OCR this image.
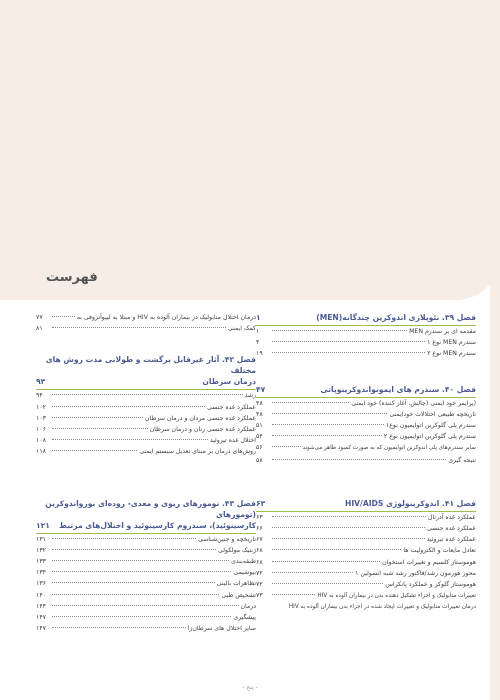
فهرست
فصل ۳۹. نئوپلازی اندوکرین چندگانه(MEN)
۱
مقدمه ای بر سندرم MEN
۱
سندرم MEN نوع ۱
۴
سندرم MEN نوع ۲
۱۹
فصل ۴۰. سندرم های ایمونواندوکرینوپاتی
۴۷
(پرایمر خود ایمنی (چالش، آغاز کننده) خود ایمنی
۴۸
تاریخچه طبیعی اختلالات خودایمنی
۴۸
سندرم پلی گلوکرین اتوایمیون نوع۱
۵۱
سندرم پلی گلوکرین اتوایمیون نوع ۲
۵۴
سایر سندرم‌های پلی اندوکرین اتوایمیون که به صورت کمبود ظاهر می‌شوند
۵۶
نتیجه گیری
۵۸
فصل ۴۱. اندوکرینولوژی HIV/AIDS
۶۳
عملکرد غده آدرنال
۶۳
عملکرد غده جنسی
۶۶
عملکرد غده تیروئید
۶۷
تعادل مایعات و الکترولیت ها
۶۸
هوموستاز کلسیم و تغییرات استخوان
۶۸
محور هورمون رشد/فاکتور رشد شبه انسولین ۱
۷۲
هوموستاز گلوکز و عملکرد پانکراس
۷۲
تغییرات متابولیک و اجزاء تشکیل دهنده بدن در بیماران آلوده به HIV
۷۳
درمان تغییرات متابولیک و تغییرات ایجاد شده در اجزاء بدن بیماران آلوده به HIV
درمان اختلال متابولیک در بیماران آلوده به HIV و مبتلا به لیپوآتروفی به
۷۷
کمک ایمنی
۸۱
فصل ۴۲. آثار غیرقابل برگشت و طولانی مدت روش های مختلف
درمان سرطان
۹۳
رشد
۹۴
عملکرد غده جنسی
۱۰۲
عملکرد غده جنسی مردان و درمان سرطان
۱۰۳
عملکرد غده جنسی زنان و درمان سرطان
۱۰۶
اختلال غده تیروئید
۱۰۸
روش‌های درمان بر مبنای تعدیل سیستم ایمنی
۱۱۸
فصل ۴۳. تومورهای ریوی و معدی- روده‌ای نورواندوکرین (تومورهای
کارسینوئید)، سندروم کارسینوئید و اختلال‌های مرتبط
۱۲۱
تاریخچه و جنین‌شناسی
۱۳۱
ژنتیک مولکولی
۱۳۲
طبقه‌بندی
۱۳۳
بیوشیمی
۱۳۴
تظاهرات بالینی
۱۳۶
تشخیص طبی
۱۴۰
درمان
۱۴۴
پیشگیری
۱۴۷
سایر اختلال های سرطان‌زا
۱۴۷
- پنج -
